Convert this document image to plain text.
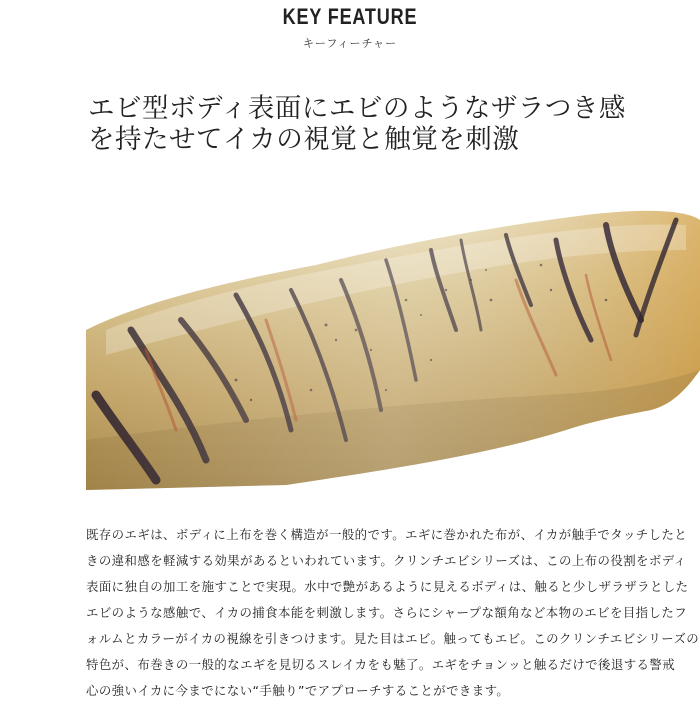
KEY FEATURE
キーフィーチャー
エビ型ボディ表面にエビのようなザラつき感
を持たせてイカの視覚と触覚を刺激

既存のエギは、ボディに上布を巻く構造が一般的です。エギに巻かれた布が、イカが触手でタッチしたと

きの違和感を軽減する効果があるといわれています。クリンチエビシリーズは、この上布の役割をボディ

表面に独自の加工を施すことで実現。水中で艶があるように見えるボディは、触ると少しザラザラとした

エビのような感触で、イカの捕食本能を刺激します。さらにシャープな額角など本物のエビを目指したフ

ォルムとカラーがイカの視線を引きつけます。見た目はエビ。触ってもエビ。このクリンチエビシリーズの

特色が、布巻きの一般的なエギを見切るスレイカをも魅了。エギをチョンッと触るだけで後退する警戒

心の強いイカに今までにない“手触り”でアプローチすることができます。
